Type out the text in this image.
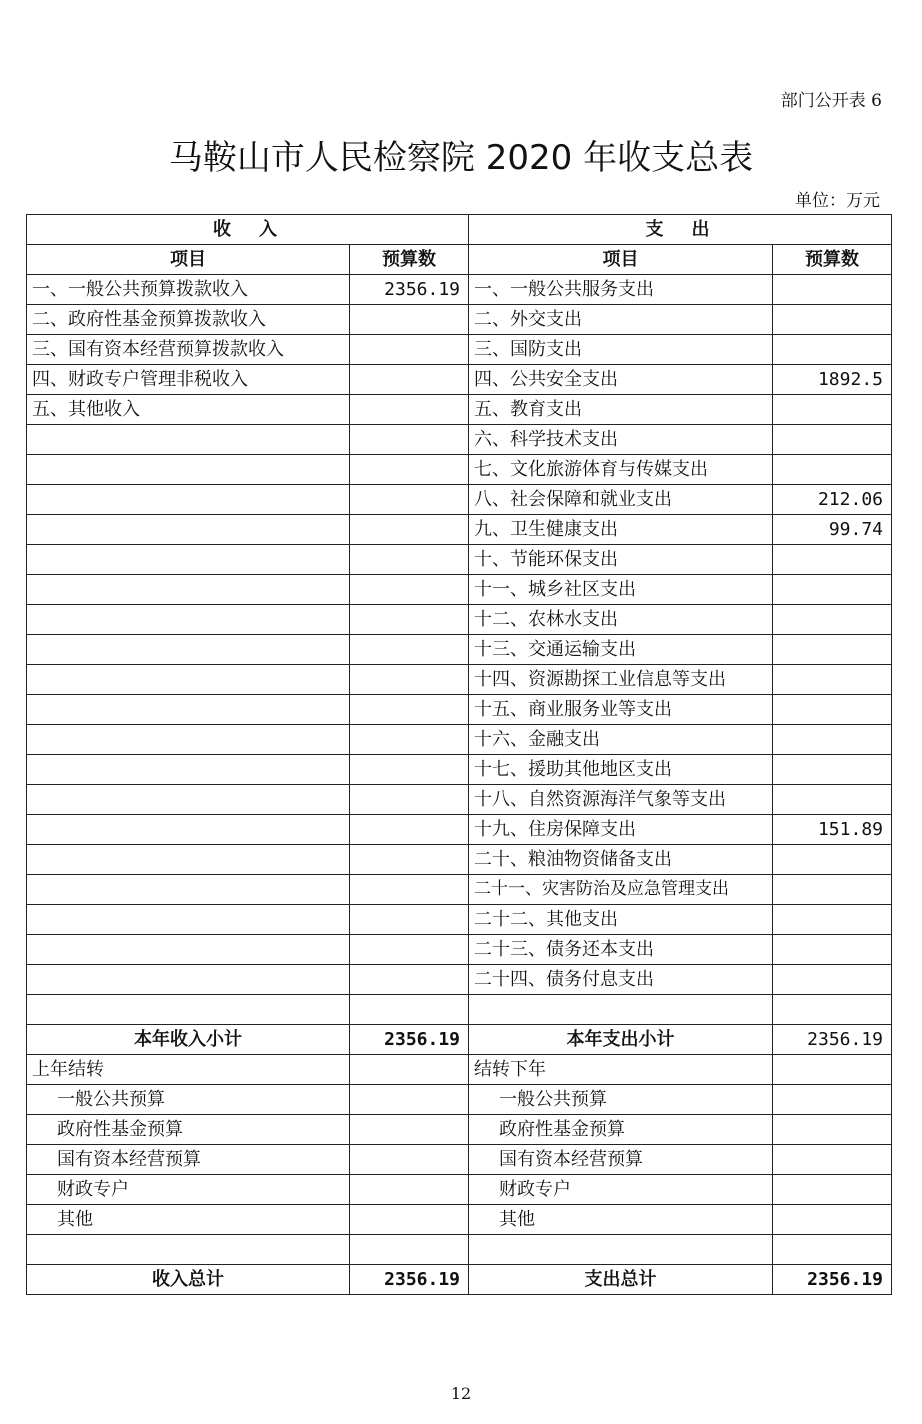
部门公开表 6
马鞍山市人民检察院 2020 年收支总表
单位：万元
收入		支出	
项目	预算数	项目	预算数
一、一般公共预算拨款收入	2356.19	一、一般公共服务支出	
二、政府性基金预算拨款收入		二、外交支出	
三、国有资本经营预算拨款收入		三、国防支出	
四、财政专户管理非税收入		四、公共安全支出	1892.5
五、其他收入		五、教育支出	
		六、科学技术支出	
		七、文化旅游体育与传媒支出	
		八、社会保障和就业支出	212.06
		九、卫生健康支出	99.74
		十、节能环保支出	
		十一、城乡社区支出	
		十二、农林水支出	
		十三、交通运输支出	
		十四、资源勘探工业信息等支出	
		十五、商业服务业等支出	
		十六、金融支出	
		十七、援助其他地区支出	
		十八、自然资源海洋气象等支出	
		十九、住房保障支出	151.89
		二十、粮油物资储备支出	
		二十一、灾害防治及应急管理支出	
		二十二、其他支出	
		二十三、债务还本支出	
		二十四、债务付息支出	

本年收入小计	2356.19	本年支出小计	2356.19
上年结转		结转下年	
一般公共预算		一般公共预算	
政府性基金预算		政府性基金预算	
国有资本经营预算		国有资本经营预算	
财政专户		财政专户	
其他		其他	

收入总计	2356.19	支出总计	2356.19
12
